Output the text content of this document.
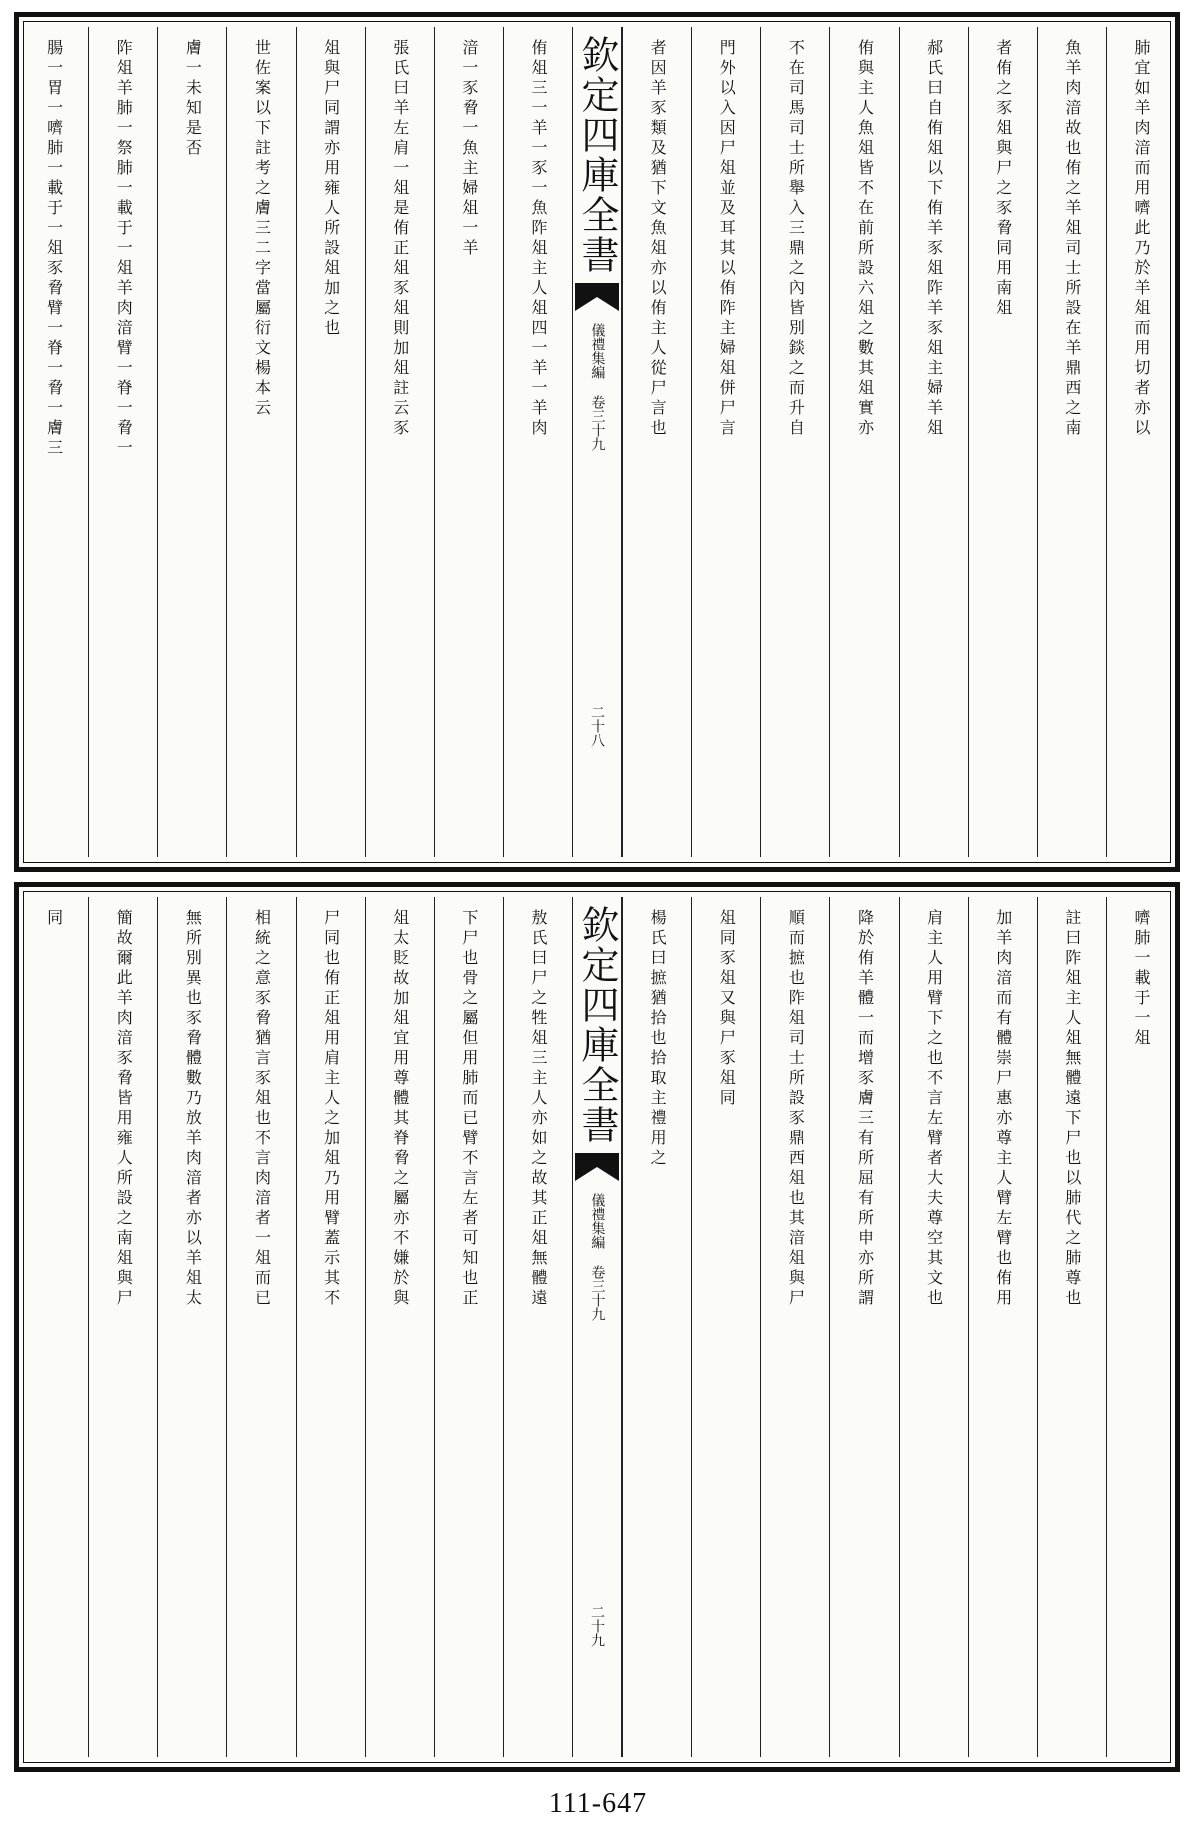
肺宜如羊肉湆而用嚌此乃於羊俎而用切者亦以
魚羊肉湆故也侑之羊俎司士所設在羊鼎西之南
者侑之豕俎與尸之豕脅同用南俎
郝氏曰自侑俎以下侑羊豕俎阼羊豕俎主婦羊俎
侑與主人魚俎皆不在前所設六俎之數其俎實亦
不在司馬司士所舉入三鼎之內皆別錟之而升自
門外以入因尸俎並及耳其以侑阼主婦俎併尸言
者因羊豕類及猶下文魚俎亦以侑主人從尸言也
欽定四庫全書
儀禮集編 卷三十九
二十八
侑俎三一羊一豕一魚阼俎主人俎四一羊一羊肉
湆一豕脅一魚主婦俎一羊
張氏曰羊左肩一俎是侑正俎豕俎則加俎註云豕
俎與尸同謂亦用雍人所設俎加之也
世佐案以下註考之膚三二字當屬衍文楊本云
膚一未知是否
阼俎羊肺一祭肺一載于一俎羊肉湆臂一脊一脅一
腸一胃一嚌肺一載于一俎豕脅臂一脊一脅一膚三
嚌肺一載于一俎
註曰阼俎主人俎無體遠下尸也以肺代之肺尊也
加羊肉湆而有體崇尸惠亦尊主人臂左臂也侑用
肩主人用臂下之也不言左臂者大夫尊空其文也
降於侑羊體一而增豕膚三有所屈有所申亦所謂
順而摭也阼俎司士所設豕鼎西俎也其湆俎與尸
俎同豕俎又與尸豕俎同
楊氏曰摭猶拾也拾取主禮用之
欽定四庫全書
儀禮集編 卷三十九
二十九
敖氏曰尸之牲俎三主人亦如之故其正俎無體遠
下尸也骨之屬但用肺而已臂不言左者可知也正
俎太貶故加俎宜用尊體其脊脅之屬亦不嫌於與
尸同也侑正俎用肩主人之加俎乃用臂蓋示其不
相統之意豕脅猶言豕俎也不言肉湆者一俎而已
無所別異也豕脅體數乃放羊肉湆者亦以羊俎太
簡故爾此羊肉湆豕脅皆用雍人所設之南俎與尸
同
111-647
